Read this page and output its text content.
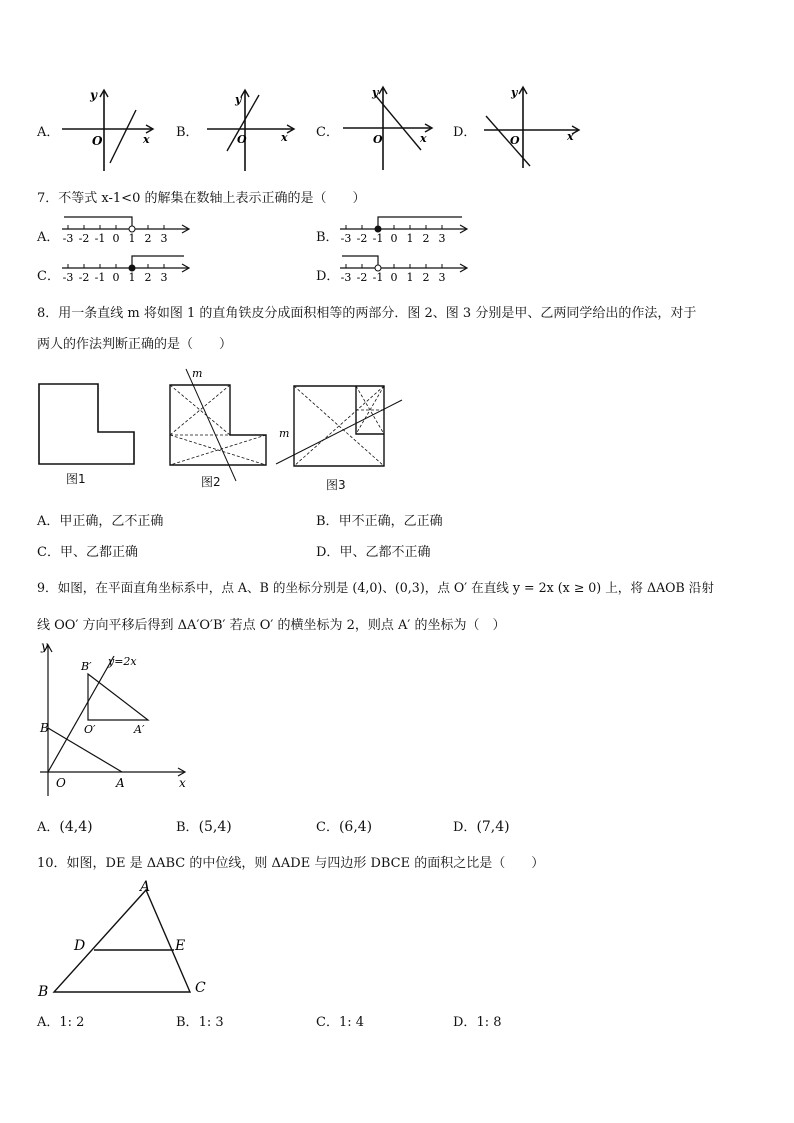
A．	B．	C．	D．
y
x
O
y
x
O
y
x
O
y
x
O
7．不等式 x-1<0 的解集在数轴上表示正确的是（　　）
A．	B．
C．	D．
-3 -2 -1 0 1 2 3	-3 -2 -1 0 1 2 3
-3 -2 -1 0 1 2 3	-3 -2 -1 0 1 2 3
8．用一条直线 m 将如图 1 的直角铁皮分成面积相等的两部分．图 2、图 3 分别是甲、乙两同学给出的作法，对于
两人的作法判断正确的是（　　）
图1
m
图2
m
图3
A．甲正确，乙不正确	B．甲不正确，乙正确
C．甲、乙都正确	D．甲、乙都不正确
9．如图，在平面直角坐标系中，点 A、B 的坐标分别是 (4,0)、(0,3)，点 O′ 在直线 y = 2x (x ≥ 0) 上，将 ΔAOB 沿射
线 OO′ 方向平移后得到 ΔA′O′B′ 若点 O′ 的横坐标为 2，则点 A′ 的坐标为（　）
y
x
y=2x
B′
O′	A′
B
O	A
A．(4,4)	B．(5,4)	C．(6,4)	D．(7,4)
10．如图，DE 是 ΔABC 的中位线，则 ΔADE 与四边形 DBCE 的面积之比是（　　）
A
D	E
B	C
A．1: 2	B．1: 3	C．1: 4	D．1: 8
